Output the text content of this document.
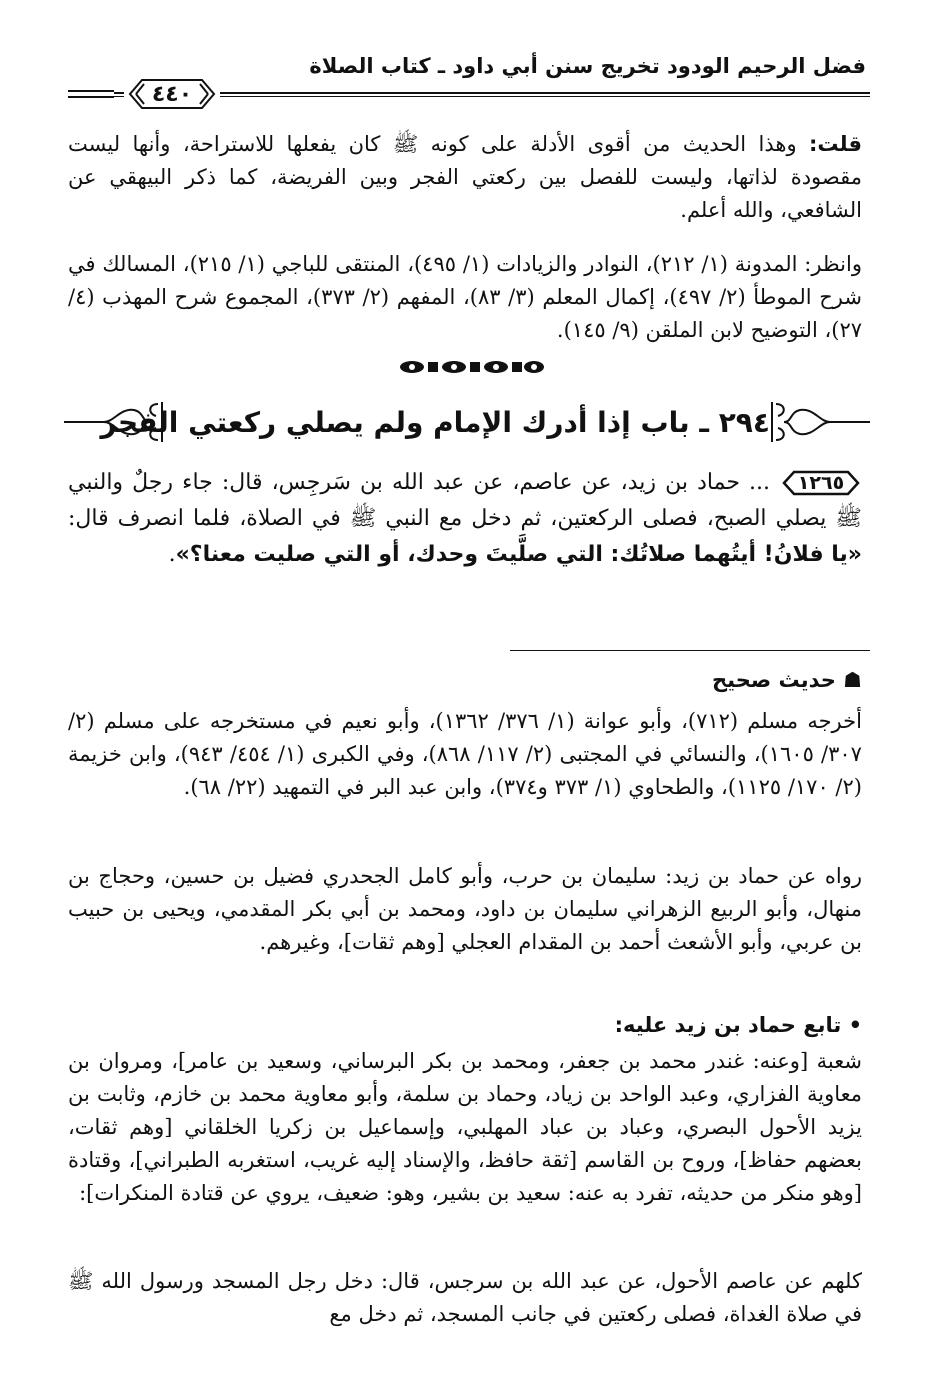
فضل الرحيم الودود تخريج سنن أبي داود ـ كتاب الصلاة
٤٤٠
قلت: وهذا الحديث من أقوى الأدلة على كونه ﷺ كان يفعلها للاستراحة، وأنها ليست مقصودة لذاتها، وليست للفصل بين ركعتي الفجر وبين الفريضة، كما ذكر البيهقي عن الشافعي، والله أعلم.
وانظر: المدونة (١/ ٢١٢)، النوادر والزيادات (١/ ٤٩٥)، المنتقى للباجي (١/ ٢١٥)، المسالك في شرح الموطأ (٢/ ٤٩٧)، إكمال المعلم (٣/ ٨٣)، المفهم (٢/ ٣٧٣)، المجموع شرح المهذب (٤/ ٢٧)، التوضيح لابن الملقن (٩/ ١٤٥).
٢٩٤ ـ باب إذا أدرك الإمام ولم يصلي ركعتي الفجر
١٢٦٥... حماد بن زيد، عن عاصم، عن عبد الله بن سَرجِس، قال: جاء رجلٌ والنبي ﷺ يصلي الصبح، فصلى الركعتين، ثم دخل مع النبي ﷺ في الصلاة، فلما انصرف قال: «يا فلانُ! أيتُهما صلاتُك: التي صلَّيتَ وحدك، أو التي صليت معنا؟».
☗ حديث صحيح
أخرجه مسلم (٧١٢)، وأبو عوانة (١/ ٣٧٦/ ١٣٦٢)، وأبو نعيم في مستخرجه على مسلم (٢/ ٣٠٧/ ١٦٠٥)، والنسائي في المجتبى (٢/ ١١٧/ ٨٦٨)، وفي الكبرى (١/ ٤٥٤/ ٩٤٣)، وابن خزيمة (٢/ ١٧٠/ ١١٢٥)، والطحاوي (١/ ٣٧٣ و٣٧٤)، وابن عبد البر في التمهيد (٢٢/ ٦٨).
رواه عن حماد بن زيد: سليمان بن حرب، وأبو كامل الجحدري فضيل بن حسين، وحجاج بن منهال، وأبو الربيع الزهراني سليمان بن داود، ومحمد بن أبي بكر المقدمي، ويحيى بن حبيب بن عربي، وأبو الأشعث أحمد بن المقدام العجلي [وهم ثقات]، وغيرهم.
• تابع حماد بن زيد عليه:
شعبة [وعنه: غندر محمد بن جعفر، ومحمد بن بكر البرساني، وسعيد بن عامر]، ومروان بن معاوية الفزاري، وعبد الواحد بن زياد، وحماد بن سلمة، وأبو معاوية محمد بن خازم، وثابت بن يزيد الأحول البصري، وعباد بن عباد المهلبي، وإسماعيل بن زكريا الخلقاني [وهم ثقات، بعضهم حفاظ]، وروح بن القاسم [ثقة حافظ، والإسناد إليه غريب، استغربه الطبراني]، وقتادة [وهو منكر من حديثه، تفرد به عنه: سعيد بن بشير، وهو: ضعيف، يروي عن قتادة المنكرات]:
كلهم عن عاصم الأحول، عن عبد الله بن سرجس، قال: دخل رجل المسجد ورسول الله ﷺ في صلاة الغداة، فصلى ركعتين في جانب المسجد، ثم دخل مع
